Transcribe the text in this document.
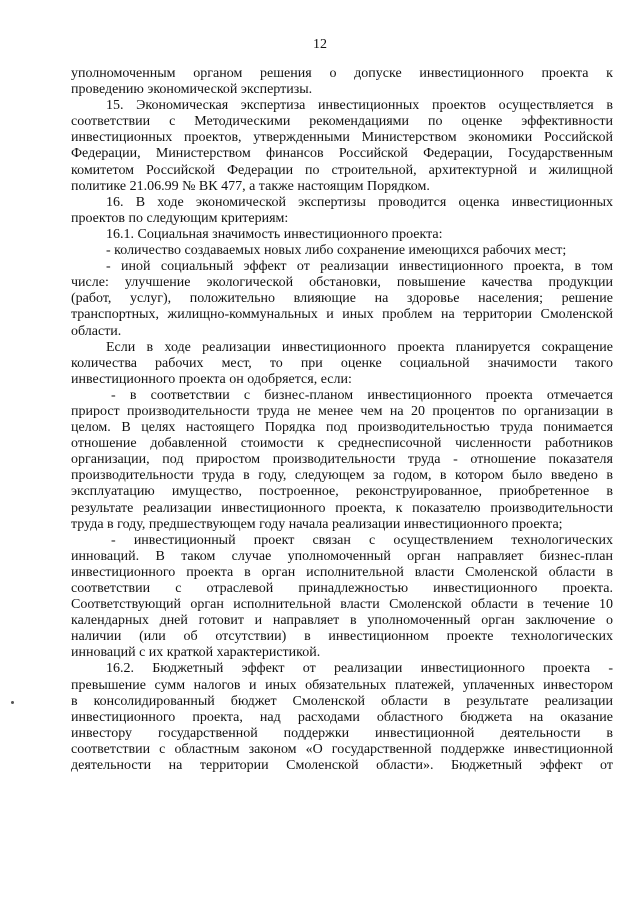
12
уполномоченным органом решения о допуске инвестиционного проекта к
проведению экономической экспертизы.
15. Экономическая экспертиза инвестиционных проектов осуществляется в
соответствии с Методическими рекомендациями по оценке эффективности
инвестиционных проектов, утвержденными Министерством экономики Российской
Федерации, Министерством финансов Российской Федерации, Государственным
комитетом Российской Федерации по строительной, архитектурной и жилищной
политике 21.06.99 № ВК 477, а также настоящим Порядком.
16. В ходе экономической экспертизы проводится оценка инвестиционных
проектов по следующим критериям:
16.1. Социальная значимость инвестиционного проекта:
- количество создаваемых новых либо сохранение имеющихся рабочих мест;
- иной социальный эффект от реализации инвестиционного проекта, в том
числе: улучшение экологической обстановки, повышение качества продукции
(работ, услуг), положительно влияющие на здоровье населения; решение
транспортных, жилищно-коммунальных и иных проблем на территории Смоленской
области.
Если в ходе реализации инвестиционного проекта планируется сокращение
количества рабочих мест, то при оценке социальной значимости такого
инвестиционного проекта он одобряется, если:
- в соответствии с бизнес-планом инвестиционного проекта отмечается
прирост производительности труда не менее чем на 20 процентов по организации в
целом. В целях настоящего Порядка под производительностью труда понимается
отношение добавленной стоимости к среднесписочной численности работников
организации, под приростом производительности труда - отношение показателя
производительности труда в году, следующем за годом, в котором было введено в
эксплуатацию имущество, построенное, реконструированное, приобретенное в
результате реализации инвестиционного проекта, к показателю производительности
труда в году, предшествующем году начала реализации инвестиционного проекта;
- инвестиционный проект связан с осуществлением технологических
инноваций. В таком случае уполномоченный орган направляет бизнес-план
инвестиционного проекта в орган исполнительной власти Смоленской области в
соответствии с отраслевой принадлежностью инвестиционного проекта.
Соответствующий орган исполнительной власти Смоленской области в течение 10
календарных дней готовит и направляет в уполномоченный орган заключение о
наличии (или об отсутствии) в инвестиционном проекте технологических
инноваций с их краткой характеристикой.
16.2. Бюджетный эффект от реализации инвестиционного проекта -
превышение сумм налогов и иных обязательных платежей, уплаченных инвестором
в консолидированный бюджет Смоленской области в результате реализации
инвестиционного проекта, над расходами областного бюджета на оказание
инвестору государственной поддержки инвестиционной деятельности в
соответствии с областным законом «О государственной поддержке инвестиционной
деятельности на территории Смоленской области». Бюджетный эффект от
